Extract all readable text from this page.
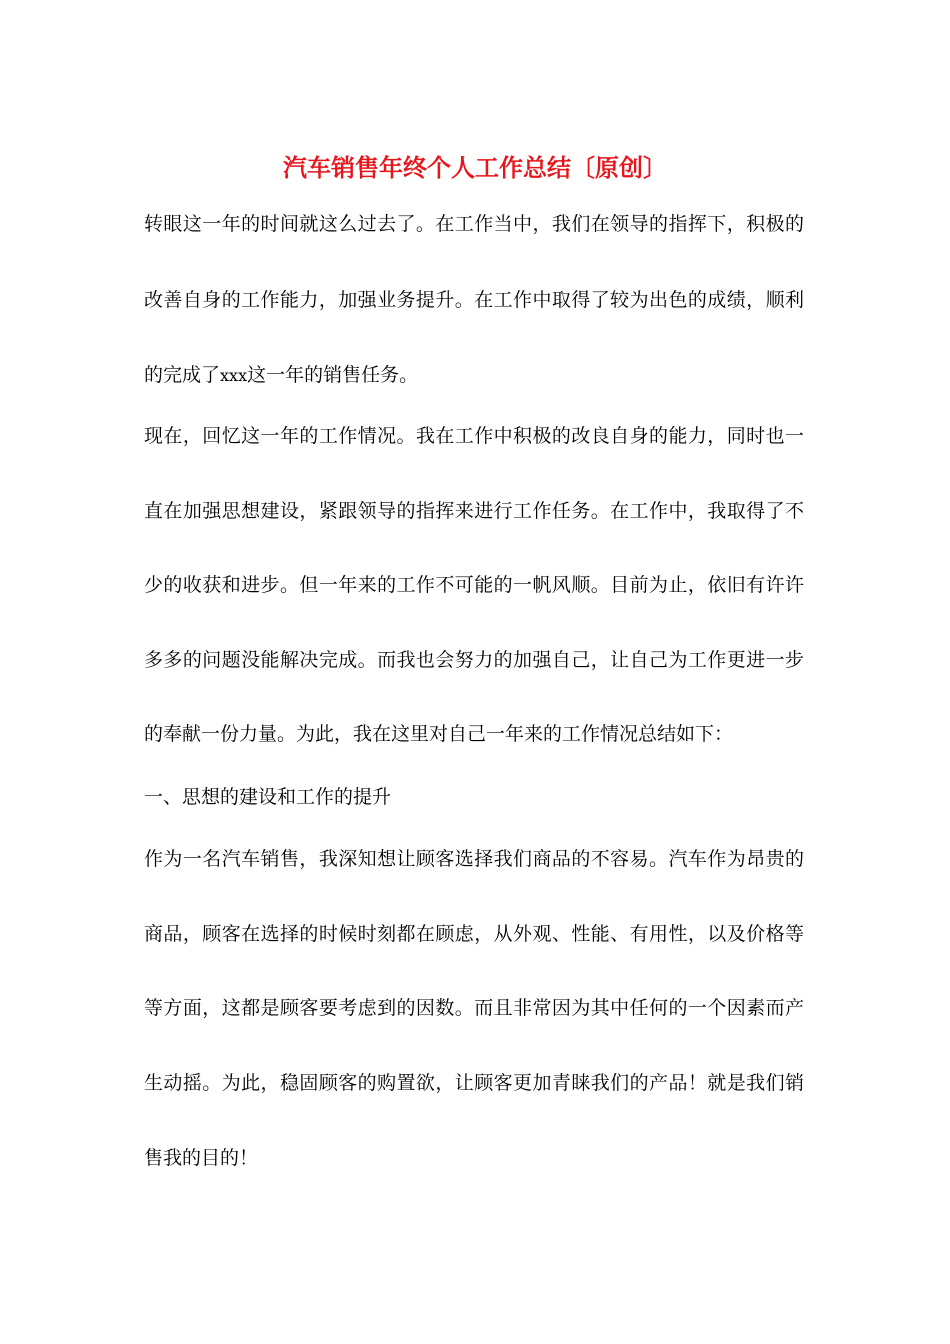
汽车销售年终个人工作总结〔原创〕
转眼这一年的时间就这么过去了。在工作当中，我们在领导的指挥下，积极的
改善自身的工作能力，加强业务提升。在工作中取得了较为出色的成绩，顺利
的完成了xxx这一年的销售任务。
现在，回忆这一年的工作情况。我在工作中积极的改良自身的能力，同时也一
直在加强思想建设，紧跟领导的指挥来进行工作任务。在工作中，我取得了不
少的收获和进步。但一年来的工作不可能的一帆风顺。目前为止，依旧有许许
多多的问题没能解决完成。而我也会努力的加强自己，让自己为工作更进一步
的奉献一份力量。为此，我在这里对自己一年来的工作情况总结如下：
一、思想的建设和工作的提升
作为一名汽车销售，我深知想让顾客选择我们商品的不容易。汽车作为昂贵的
商品，顾客在选择的时候时刻都在顾虑，从外观、性能、有用性，以及价格等
等方面，这都是顾客要考虑到的因数。而且非常因为其中任何的一个因素而产
生动摇。为此，稳固顾客的购置欲，让顾客更加青睐我们的产品！就是我们销
售我的目的！
